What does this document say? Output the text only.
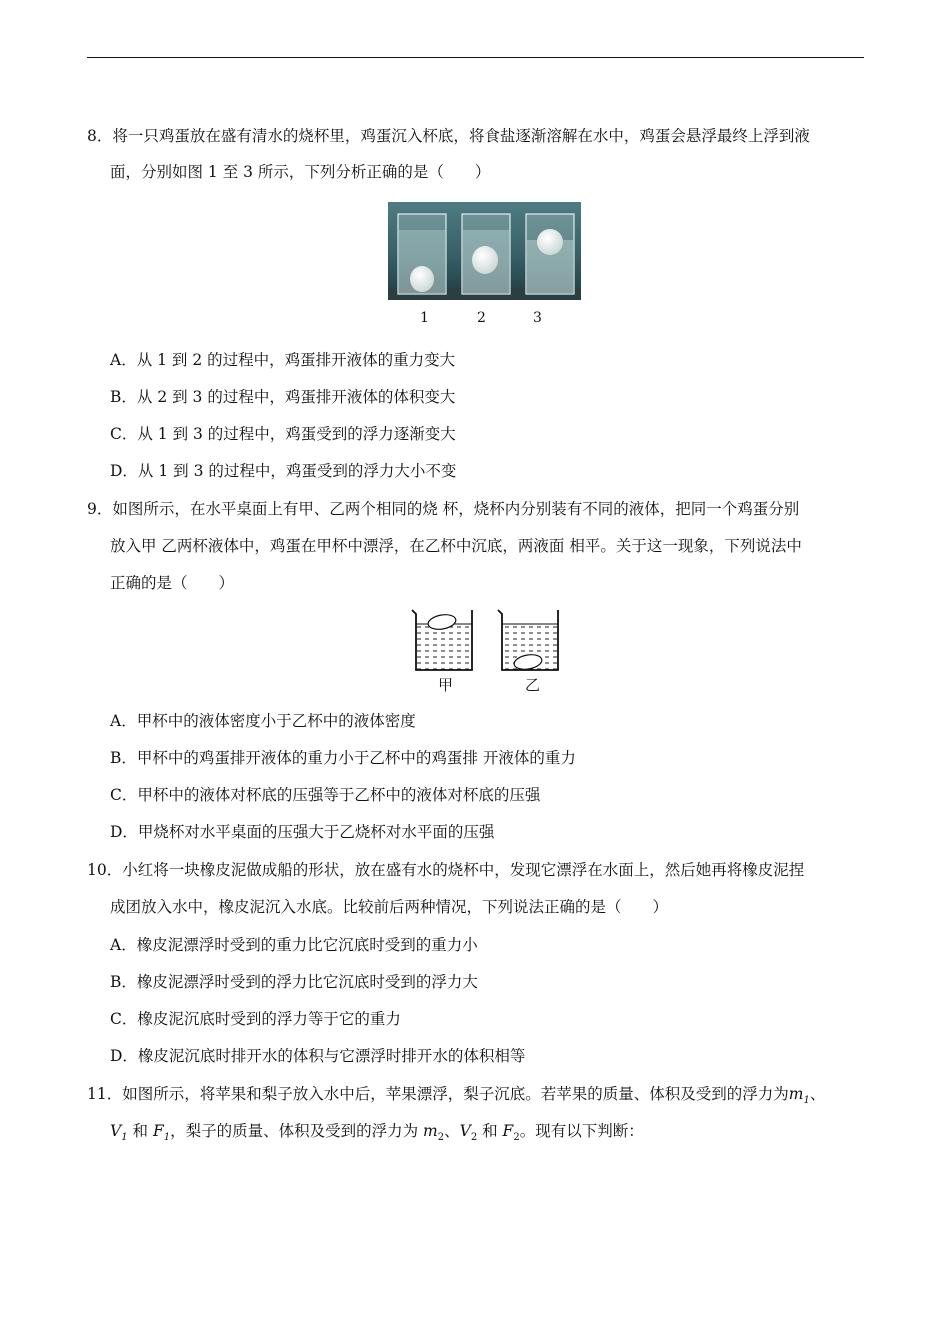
8．将一只鸡蛋放在盛有清水的烧杯里，鸡蛋沉入杯底，将食盐逐渐溶解在水中，鸡蛋会悬浮最终上浮到液
面，分别如图 1 至 3 所示，下列分析正确的是（　　）
1	2	3
A．从 1 到 2 的过程中，鸡蛋排开液体的重力变大
B．从 2 到 3 的过程中，鸡蛋排开液体的体积变大
C．从 1 到 3 的过程中，鸡蛋受到的浮力逐渐变大
D．从 1 到 3 的过程中，鸡蛋受到的浮力大小不变
9．如图所示，在水平桌面上有甲、乙两个相同的烧 杯，烧杯内分别装有不同的液体，把同一个鸡蛋分别
放入甲 乙两杯液体中，鸡蛋在甲杯中漂浮，在乙杯中沉底，两液面 相平。关于这一现象，下列说法中
正确的是（　　）
甲	乙
A．甲杯中的液体密度小于乙杯中的液体密度
B．甲杯中的鸡蛋排开液体的重力小于乙杯中的鸡蛋排 开液体的重力
C．甲杯中的液体对杯底的压强等于乙杯中的液体对杯底的压强
D．甲烧杯对水平桌面的压强大于乙烧杯对水平面的压强
10．小红将一块橡皮泥做成船的形状，放在盛有水的烧杯中，发现它漂浮在水面上，然后她再将橡皮泥捏
成团放入水中，橡皮泥沉入水底。比较前后两种情况，下列说法正确的是（　　）
A．橡皮泥漂浮时受到的重力比它沉底时受到的重力小
B．橡皮泥漂浮时受到的浮力比它沉底时受到的浮力大
C．橡皮泥沉底时受到的浮力等于它的重力
D．橡皮泥沉底时排开水的体积与它漂浮时排开水的体积相等
11．如图所示，将苹果和梨子放入水中后，苹果漂浮，梨子沉底。若苹果的质量、体积及受到的浮力为$m_1$、
$V_1$ 和 $F_1$，梨子的质量、体积及受到的浮力为 $m_2$、$V_2$ 和 $F_2$。现有以下判断：
